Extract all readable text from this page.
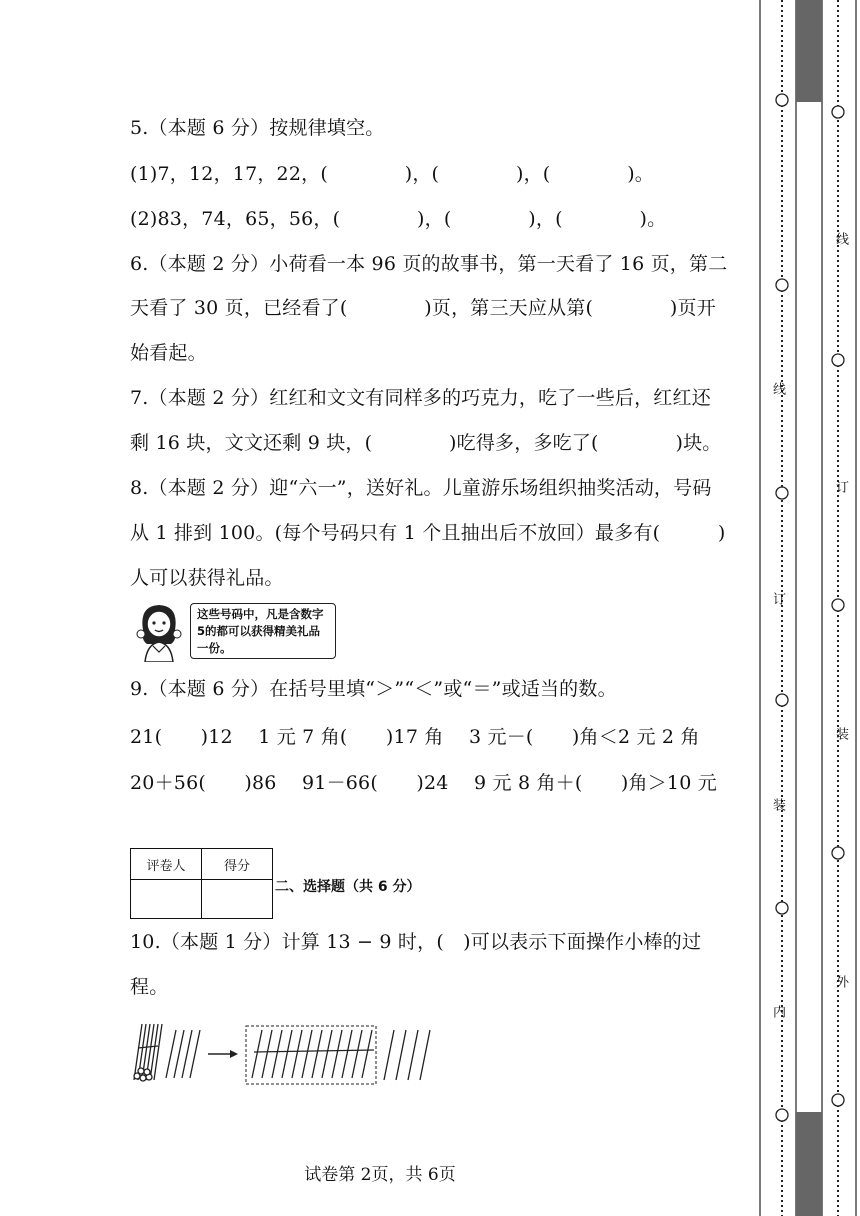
5.（本题 6 分）按规律填空。
(1)7，12，17，22，(　　　　)，(　　　　)，(　　　　)。
(2)83，74，65，56，(　　　　)，(　　　　)，(　　　　)。
6.（本题 2 分）小荷看一本 96 页的故事书，第一天看了 16 页，第二
天看了 30 页，已经看了(　　　　)页，第三天应从第(　　　　)页开
始看起。
7.（本题 2 分）红红和文文有同样多的巧克力，吃了一些后，红红还
剩 16 块，文文还剩 9 块，(　　　　)吃得多，多吃了(　　　　)块。
8.（本题 2 分）迎“六一”，送好礼。儿童游乐场组织抽奖活动，号码
从 1 排到 100。(每个号码只有 1 个且抽出后不放回）最多有(　　　)
人可以获得礼品。
这些号码中，凡是含数字5的都可以获得精美礼品一份。
9.（本题 6 分）在括号里填“＞”“＜”或“＝”或适当的数。
21(　　)12　 1 元 7 角(　　)17 角　 3 元－(　　)角＜2 元 2 角
20＋56(　　)86　 91－66(　　)24　 9 元 8 角＋(　　)角＞10 元
评卷人	得分

二、选择题（共 6 分）
10.（本题 1 分）计算 13 − 9 时，(　)可以表示下面操作小棒的过
程。
试卷第 2页，共 6页
线
订
装
内
线
订
装
外
